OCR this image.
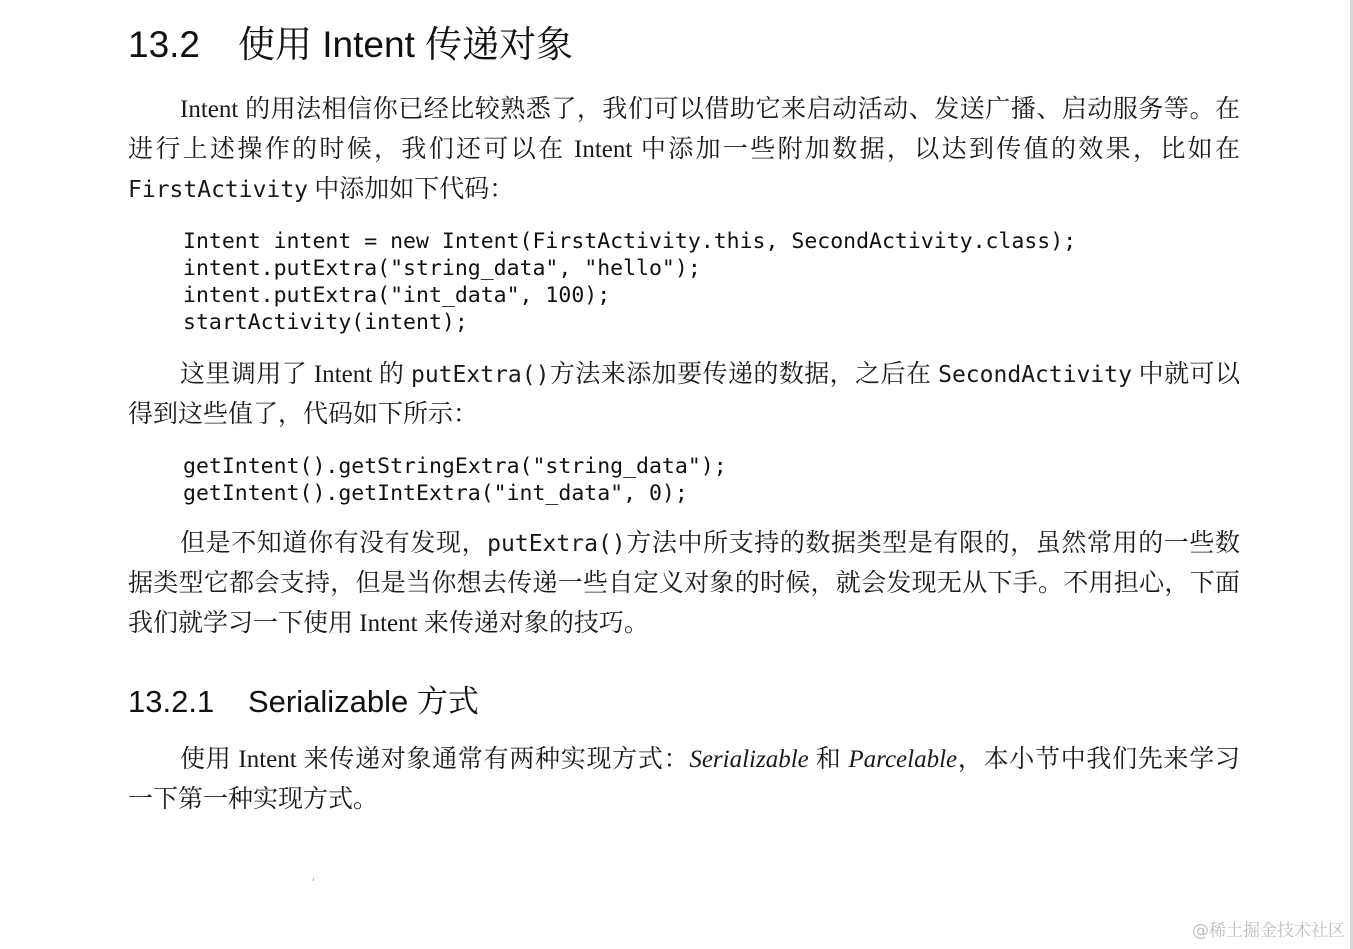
13.2 使用 Intent 传递对象

Intent 的用法相信你已经比较熟悉了，我们可以借助它来启动活动、发送广播、启动服务等。在进行上述操作的时候，我们还可以在 Intent 中添加一些附加数据，以达到传值的效果，比如在 FirstActivity 中添加如下代码：

Intent intent = new Intent(FirstActivity.this, SecondActivity.class);
intent.putExtra("string_data", "hello");
intent.putExtra("int_data", 100);
startActivity(intent);

这里调用了 Intent 的 putExtra()方法来添加要传递的数据，之后在 SecondActivity 中就可以得到这些值了，代码如下所示：

getIntent().getStringExtra("string_data");
getIntent().getIntExtra("int_data", 0);

但是不知道你有没有发现，putExtra()方法中所支持的数据类型是有限的，虽然常用的一些数据类型它都会支持，但是当你想去传递一些自定义对象的时候，就会发现无从下手。不用担心，下面我们就学习一下使用 Intent 来传递对象的技巧。

13.2.1 Serializable 方式

使用 Intent 来传递对象通常有两种实现方式：Serializable 和 Parcelable，本小节中我们先来学习一下第一种实现方式。

‘
@稀土掘金技术社区
